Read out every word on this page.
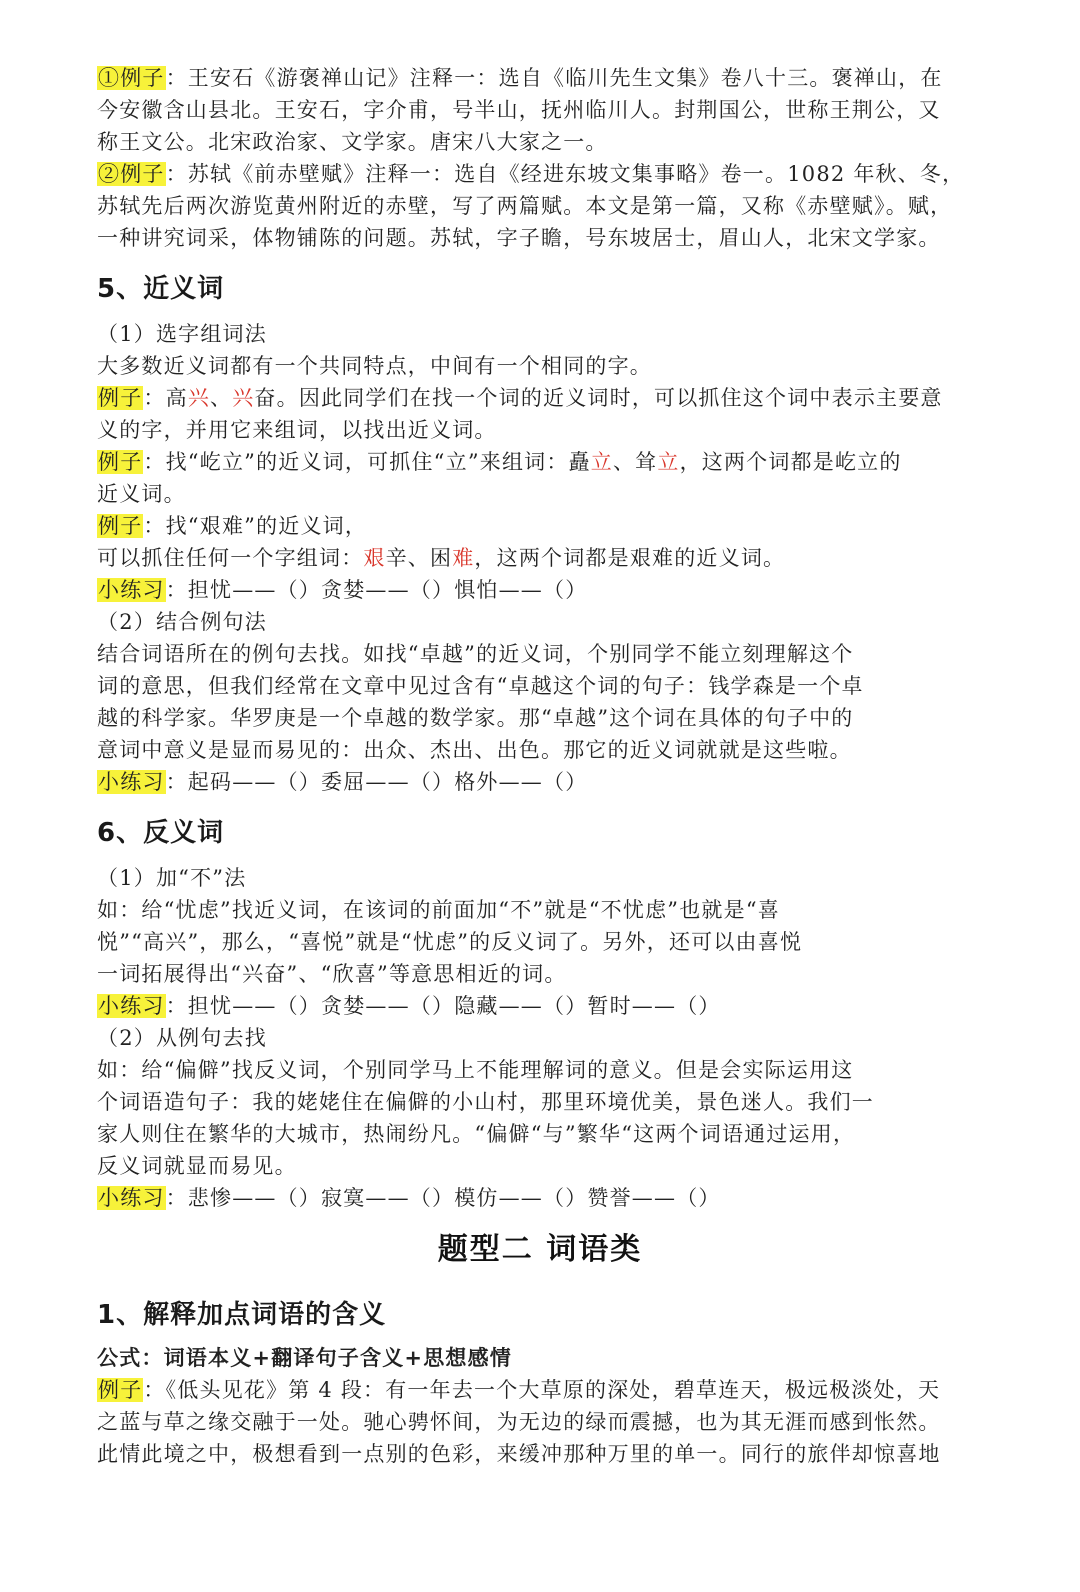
①例子：王安石《游褒禅山记》注释一：选自《临川先生文集》卷八十三。褒禅山，在
今安徽含山县北。王安石，字介甫，号半山，抚州临川人。封荆国公，世称王荆公，又
称王文公。北宋政治家、文学家。唐宋八大家之一。
②例子：苏轼《前赤壁赋》注释一：选自《经进东坡文集事略》卷一。1082 年秋、冬，
苏轼先后两次游览黄州附近的赤壁，写了两篇赋。本文是第一篇，又称《赤壁赋》。赋，
一种讲究词采，体物铺陈的问题。苏轼，字子瞻，号东坡居士，眉山人，北宋文学家。
5、近义词
（1）选字组词法
大多数近义词都有一个共同特点，中间有一个相同的字。
例子：高兴、兴奋。因此同学们在找一个词的近义词时，可以抓住这个词中表示主要意
义的字，并用它来组词，以找出近义词。
例子：找“屹立”的近义词，可抓住“立”来组词：矗立、耸立，这两个词都是屹立的
近义词。
例子：找“艰难”的近义词，
可以抓住任何一个字组词：艰辛、困难，这两个词都是艰难的近义词。
小练习：担忧——（）贪婪——（）惧怕——（）
（2）结合例句法
结合词语所在的例句去找。如找“卓越”的近义词，个别同学不能立刻理解这个
词的意思，但我们经常在文章中见过含有“卓越这个词的句子：钱学森是一个卓
越的科学家。华罗庚是一个卓越的数学家。那“卓越”这个词在具体的句子中的
意词中意义是显而易见的：出众、杰出、出色。那它的近义词就就是这些啦。
小练习：起码——（）委屈——（）格外——（）
6、反义词
（1）加“不”法
如：给“忧虑”找近义词，在该词的前面加“不”就是“不忧虑”也就是“喜
悦”“高兴”，那么，“喜悦”就是“忧虑”的反义词了。另外，还可以由喜悦
一词拓展得出“兴奋”、“欣喜”等意思相近的词。
小练习：担忧——（）贪婪——（）隐藏——（）暂时——（）
（2）从例句去找
如：给“偏僻”找反义词，个别同学马上不能理解词的意义。但是会实际运用这
个词语造句子：我的姥姥住在偏僻的小山村，那里环境优美，景色迷人。我们一
家人则住在繁华的大城市，热闹纷凡。“偏僻“与”繁华“这两个词语通过运用，
反义词就显而易见。
小练习：悲惨——（）寂寞——（）模仿——（）赞誉——（）
题型二 词语类
1、解释加点词语的含义
公式：词语本义+翻译句子含义+思想感情
例子：《低头见花》第 4 段：有一年去一个大草原的深处，碧草连天，极远极淡处，天
之蓝与草之缘交融于一处。驰心骋怀间，为无边的绿而震撼，也为其无涯而感到怅然。
此情此境之中，极想看到一点别的色彩，来缓冲那种万里的单一。同行的旅伴却惊喜地
